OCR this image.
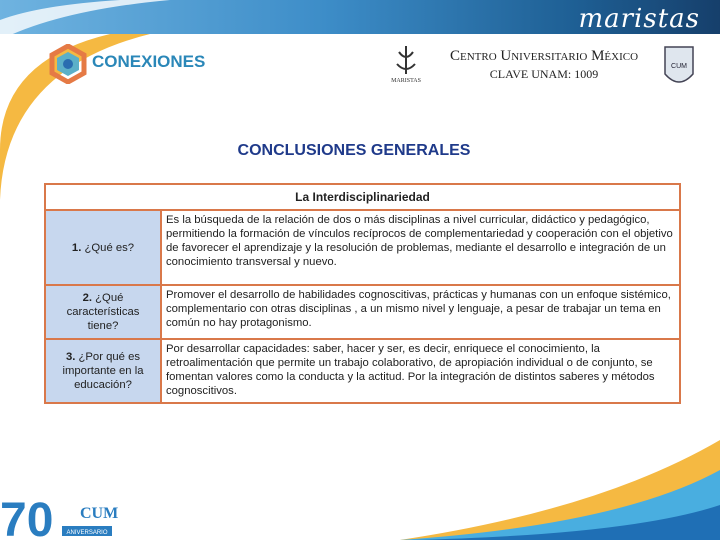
maristas
CONEXIONES

MARISTAS
Centro Universitario México
CLAVE UNAM: 1009
CUM
CONCLUSIONES GENERALES
La Interdisciplinariedad	
1. ¿Qué es?	Es la búsqueda de la relación de dos o más disciplinas a nivel curricular, didáctico y pedagógico, permitiendo la formación de vínculos recíprocos de complementariedad y cooperación con el objetivo de favorecer el aprendizaje y la resolución de problemas, mediante el desarrollo e integración de un conocimiento transversal y nuevo.
2. ¿Qué características tiene?	Promover el desarrollo de habilidades cognoscitivas, prácticas y humanas con un enfoque sistémico, complementario con otras disciplinas , a un mismo nivel y lenguaje, a pesar de trabajar un tema en común no hay protagonismo.
3. ¿Por qué es importante en la educación?	Por desarrollar capacidades: saber, hacer y ser, es decir, enriquece el conocimiento, la retroalimentación que permite un trabajo colaborativo, de apropiación individual o de conjunto, se fomentan valores como la conducta y la actitud. Por la integración de distintos saberes y métodos cognoscitivos.
70 CUM
ANIVERSARIO
